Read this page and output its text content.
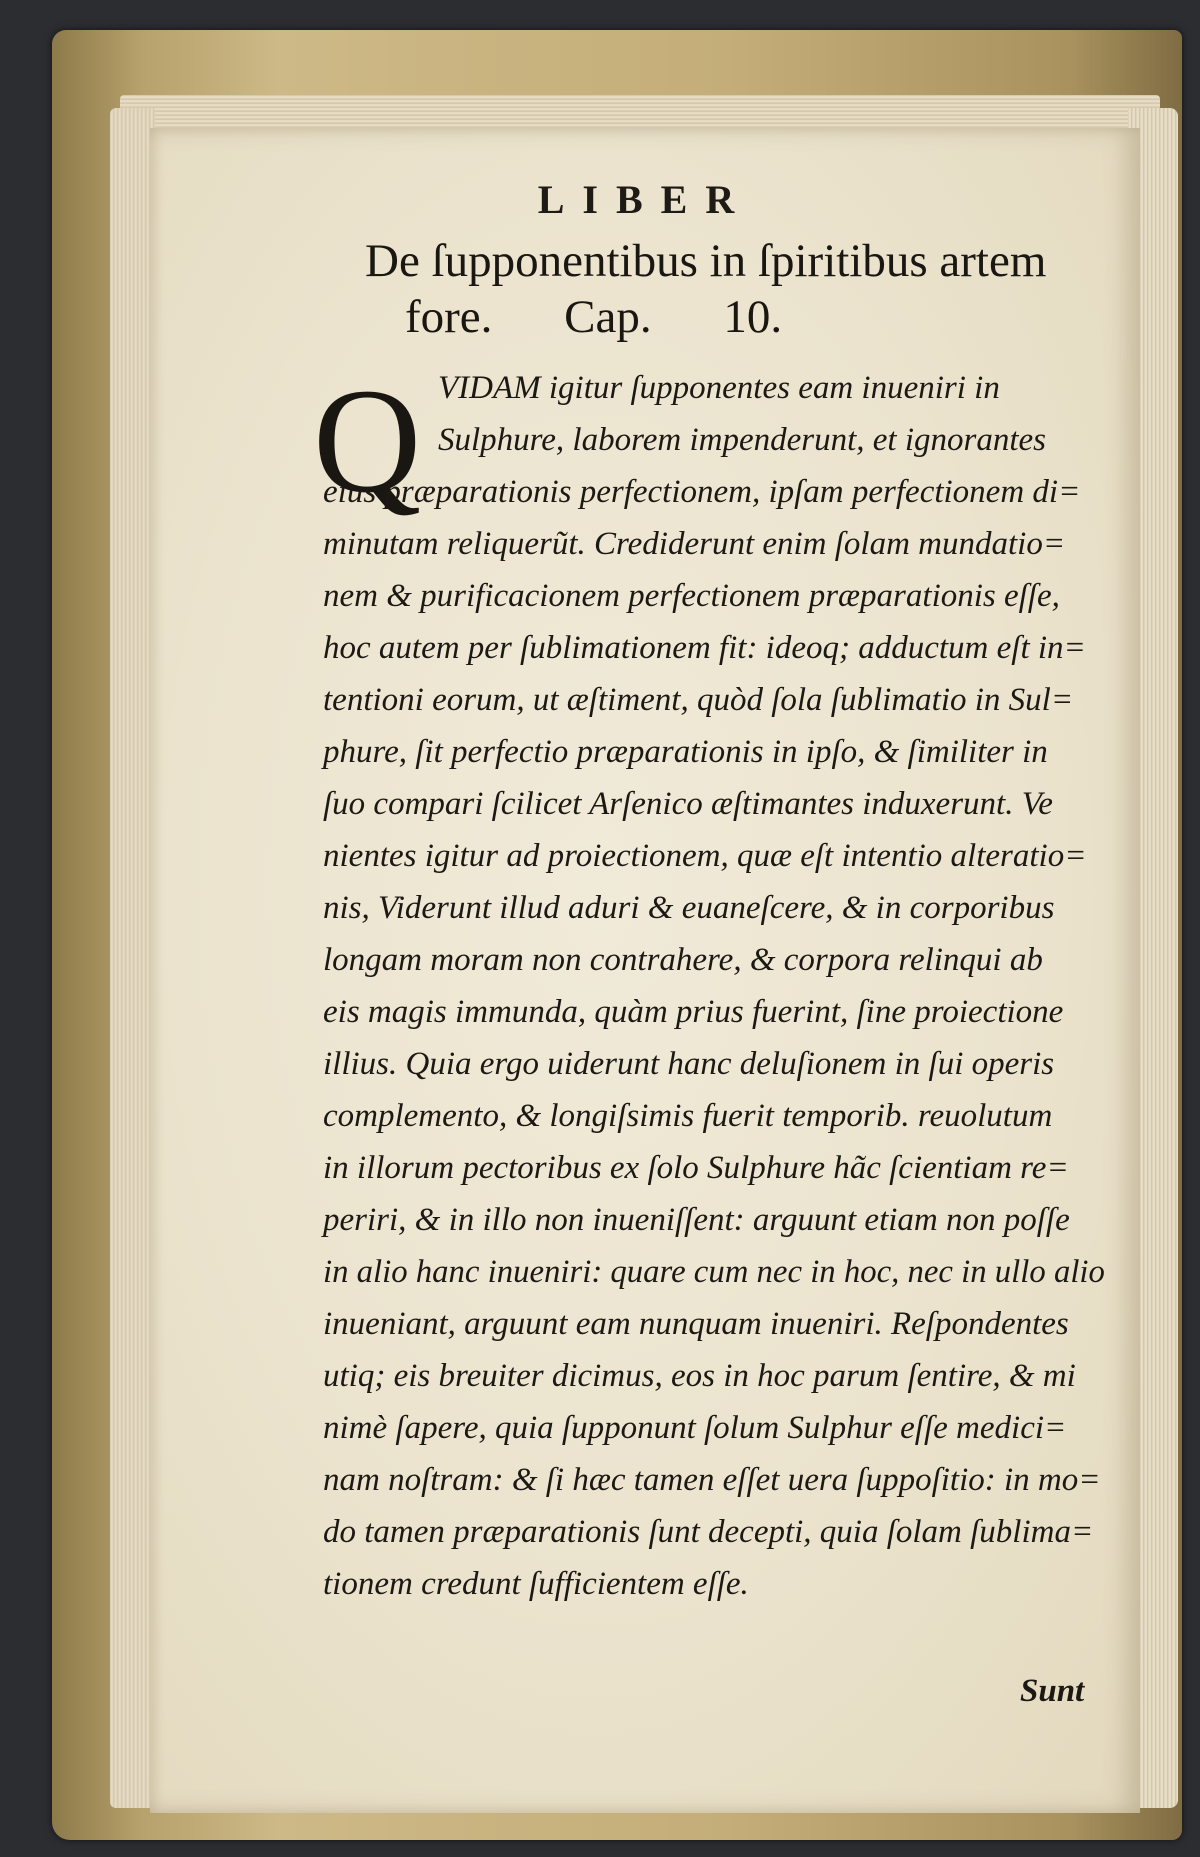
LIBER
De ſupponentibus in ſpiritibus artem
fore. Cap. 10.
Q VIDAM igitur ſupponentes eam inueniri in
Sulphure, laborem impenderunt, et ignorantes
eius præparationis perfectionem, ipſam perfectionem di=
minutam reliquerũt. Crediderunt enim ſolam mundatio=
nem & purificacionem perfectionem præparationis eſſe,
hoc autem per ſublimationem fit: ideoq; adductum eſt in=
tentioni eorum, ut æſtiment, quòd ſola ſublimatio in Sul=
phure, ſit perfectio præparationis in ipſo, & ſimiliter in
ſuo compari ſcilicet Arſenico æſtimantes induxerunt. Ve
nientes igitur ad proiectionem, quæ eſt intentio alteratio=
nis, Viderunt illud aduri & euaneſcere, & in corporibus
longam moram non contrahere, & corpora relinqui ab
eis magis immunda, quàm prius fuerint, ſine proiectione
illius. Quia ergo uiderunt hanc deluſionem in ſui operis
complemento, & longiſsimis fuerit temporib. reuolutum
in illorum pectoribus ex ſolo Sulphure hãc ſcientiam re=
periri, & in illo non inueniſſent: arguunt etiam non poſſe
in alio hanc inueniri: quare cum nec in hoc, nec in ullo alio
inueniant, arguunt eam nunquam inueniri. Reſpondentes
utiq; eis breuiter dicimus, eos in hoc parum ſentire, & mi
nimè ſapere, quia ſupponunt ſolum Sulphur eſſe medici=
nam noſtram: & ſi hæc tamen eſſet uera ſuppoſitio: in mo=
do tamen præparationis ſunt decepti, quia ſolam ſublima=
tionem credunt ſufficientem eſſe.
Sunt
